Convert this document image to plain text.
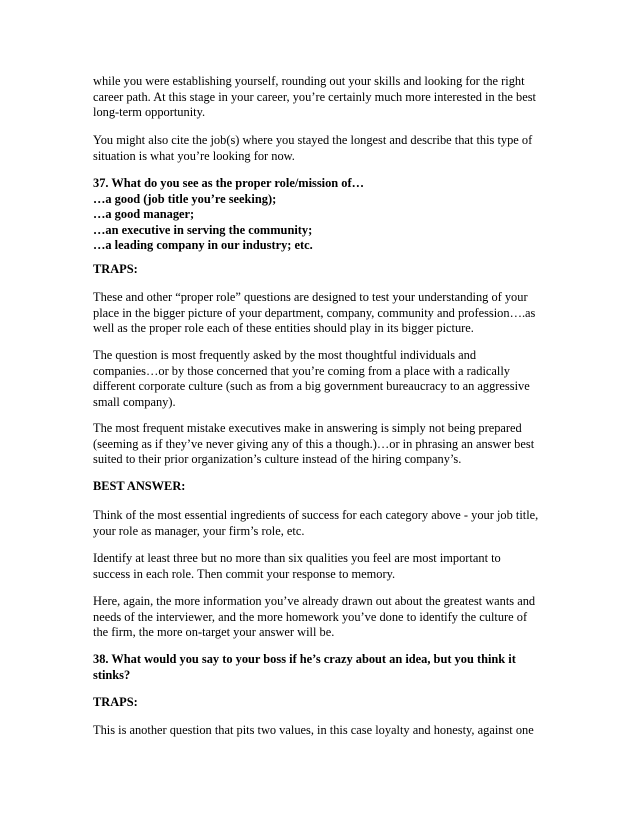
while you were establishing yourself, rounding out your skills and looking for the right
career path. At this stage in your career, you’re certainly much more interested in the best
long-term opportunity.

You might also cite the job(s) where you stayed the longest and describe that this type of
situation is what you’re looking for now.

37. What do you see as the proper role/mission of…
…a good (job title you’re seeking);
…a good manager;
…an executive in serving the community;
…a leading company in our industry; etc.

TRAPS:

These and other “proper role” questions are designed to test your understanding of your
place in the bigger picture of your department, company, community and profession….as
well as the proper role each of these entities should play in its bigger picture.

The question is most frequently asked by the most thoughtful individuals and
companies…or by those concerned that you’re coming from a place with a radically
different corporate culture (such as from a big government bureaucracy to an aggressive
small company).

The most frequent mistake executives make in answering is simply not being prepared
(seeming as if they’ve never giving any of this a though.)…or in phrasing an answer best
suited to their prior organization’s culture instead of the hiring company’s.

BEST ANSWER:

Think of the most essential ingredients of success for each category above - your job title,
your role as manager, your firm’s role, etc.

Identify at least three but no more than six qualities you feel are most important to
success in each role. Then commit your response to memory.

Here, again, the more information you’ve already drawn out about the greatest wants and
needs of the interviewer, and the more homework you’ve done to identify the culture of
the firm, the more on-target your answer will be.

38. What would you say to your boss if he’s crazy about an idea, but you think it
stinks?

TRAPS:

This is another question that pits two values, in this case loyalty and honesty, against one
